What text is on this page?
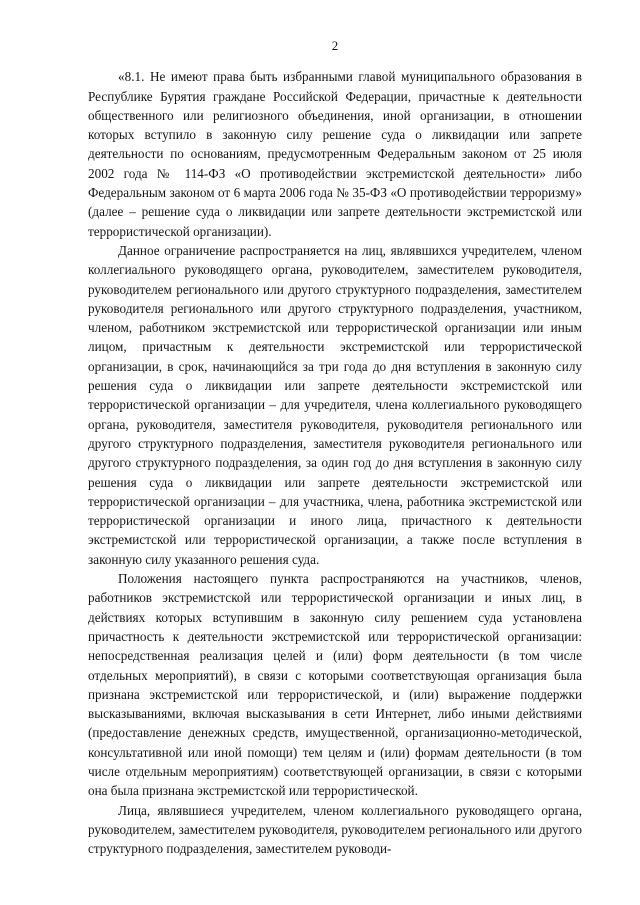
2

«8.1. Не имеют права быть избранными главой муниципального образования в Республике Бурятия граждане Российской Федерации, причастные к деятельности общественного или религиозного объединения, иной организации, в отношении которых вступило в законную силу решение суда о ликвидации или запрете деятельности по основаниям, предусмотренным Федеральным законом от 25 июля 2002 года № 114-ФЗ «О противодействии экстремистской деятельности» либо Федеральным законом от 6 марта 2006 года № 35-ФЗ «О противодействии терроризму» (далее – решение суда о ликвидации или запрете деятельности экстремистской или террористической организации).

Данное ограничение распространяется на лиц, являвшихся учредителем, членом коллегиального руководящего органа, руководителем, заместителем руководителя, руководителем регионального или другого структурного подразделения, заместителем руководителя регионального или другого структурного подразделения, участником, членом, работником экстремистской или террористической организации или иным лицом, причастным к деятельности экстремистской или террористической организации, в срок, начинающийся за три года до дня вступления в законную силу решения суда о ликвидации или запрете деятельности экстремистской или террористической организации – для учредителя, члена коллегиального руководящего органа, руководителя, заместителя руководителя, руководителя регионального или другого структурного подразделения, заместителя руководителя регионального или другого структурного подразделения, за один год до дня вступления в законную силу решения суда о ликвидации или запрете деятельности экстремистской или террористической организации – для участника, члена, работника экстремистской или террористической организации и иного лица, причастного к деятельности экстремистской или террористической организации, а также после вступления в законную силу указанного решения суда.

Положения настоящего пункта распространяются на участников, членов, работников экстремистской или террористической организации и иных лиц, в действиях которых вступившим в законную силу решением суда установлена причастность к деятельности экстремистской или террористической организации: непосредственная реализация целей и (или) форм деятельности (в том числе отдельных мероприятий), в связи с которыми соответствующая организация была признана экстремистской или террористической, и (или) выражение поддержки высказываниями, включая высказывания в сети Интернет, либо иными действиями (предоставление денежных средств, имущественной, организационно-методической, консультативной или иной помощи) тем целям и (или) формам деятельности (в том числе отдельным мероприятиям) соответствующей организации, в связи с которыми она была признана экстремистской или террористической.

Лица, являвшиеся учредителем, членом коллегиального руководящего органа, руководителем, заместителем руководителя, руководителем регионального или другого структурного подразделения, заместителем руководи-
